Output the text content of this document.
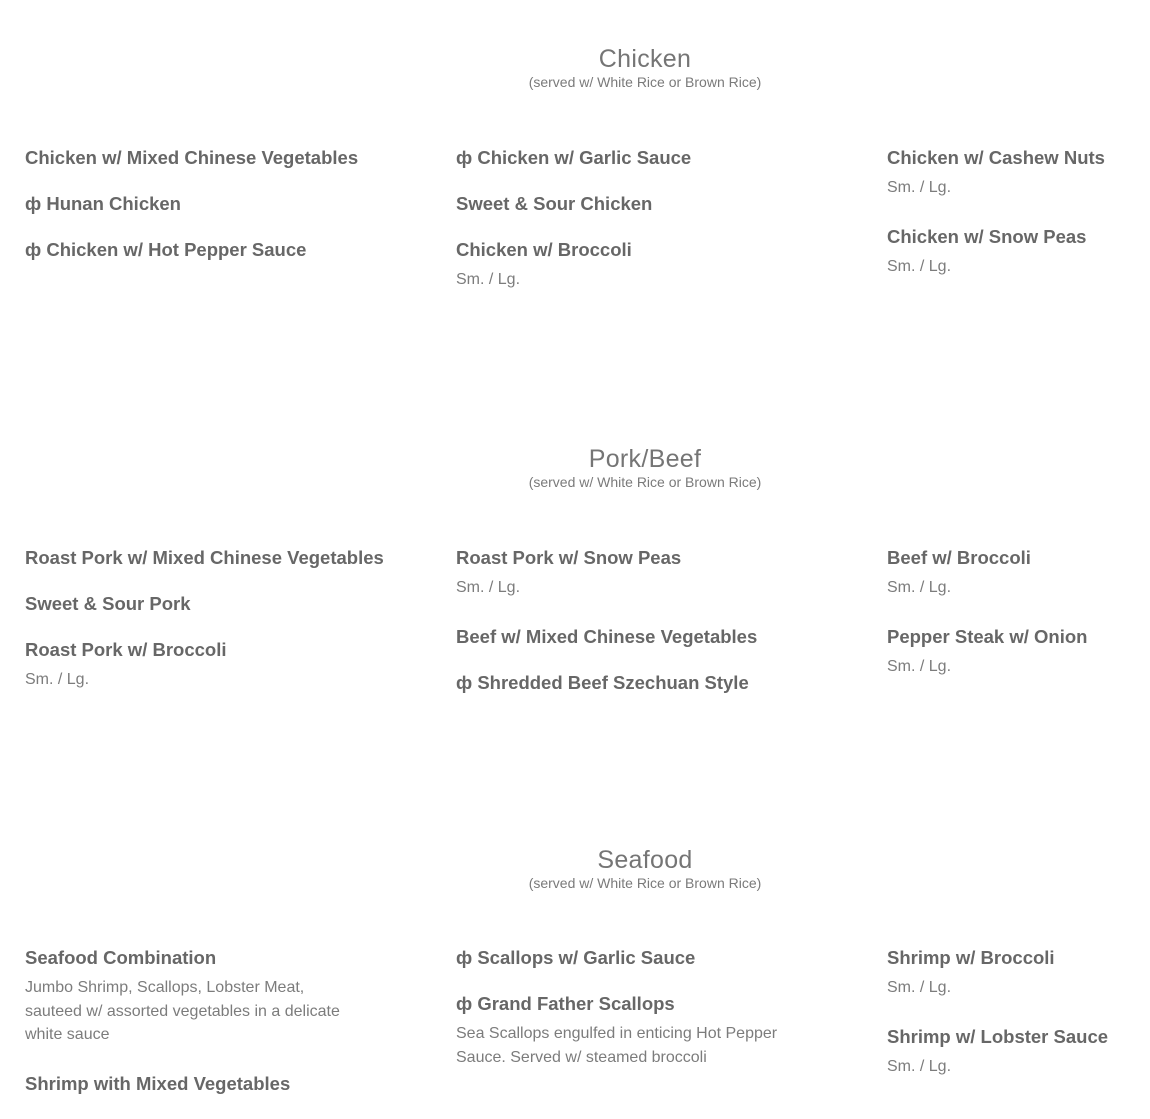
Chicken
(served w/ White Rice or Brown Rice)
Chicken w/ Mixed Chinese Vegetables
ф Hunan Chicken
ф Chicken w/ Hot Pepper Sauce
ф Chicken w/ Garlic Sauce
Sweet & Sour Chicken
Chicken w/ Broccoli
Sm. / Lg.
Chicken w/ Cashew Nuts
Sm. / Lg.
Chicken w/ Snow Peas
Sm. / Lg.
Pork/Beef
(served w/ White Rice or Brown Rice)
Roast Pork w/ Mixed Chinese Vegetables
Sweet & Sour Pork
Roast Pork w/ Broccoli
Sm. / Lg.
Roast Pork w/ Snow Peas
Sm. / Lg.
Beef w/ Mixed Chinese Vegetables
ф Shredded Beef Szechuan Style
Beef w/ Broccoli
Sm. / Lg.
Pepper Steak w/ Onion
Sm. / Lg.
Seafood
(served w/ White Rice or Brown Rice)
Seafood Combination
Jumbo Shrimp, Scallops, Lobster Meat, sauteed w/ assorted vegetables in a delicate white sauce
Shrimp with Mixed Vegetables
ф Scallops w/ Garlic Sauce
ф Grand Father Scallops
Sea Scallops engulfed in enticing Hot Pepper Sauce. Served w/ steamed broccoli
Shrimp w/ Broccoli
Sm. / Lg.
Shrimp w/ Lobster Sauce
Sm. / Lg.
